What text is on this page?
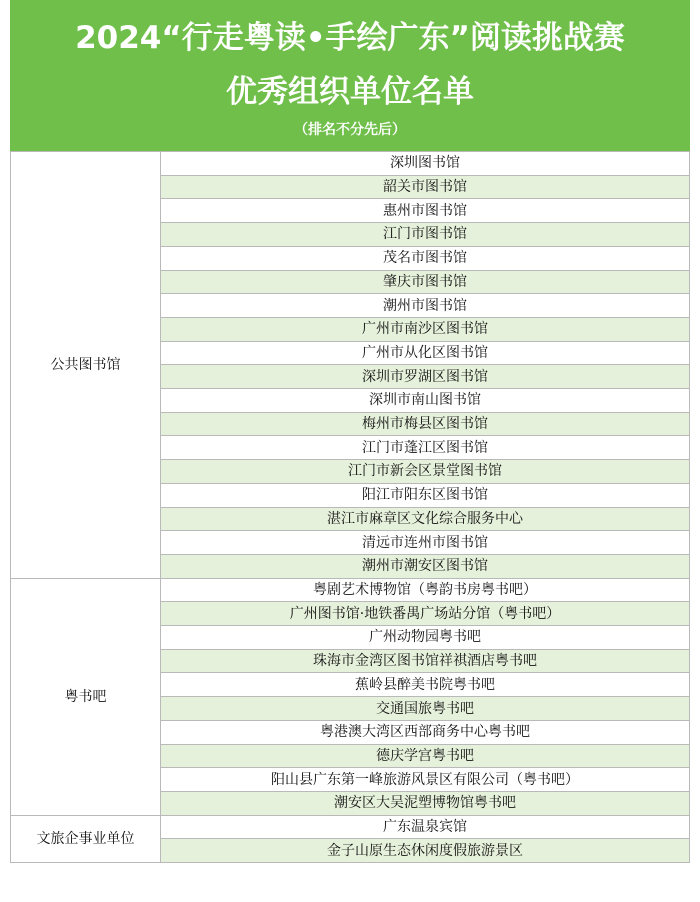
2024“行走粤读•手绘广东”阅读挑战赛
优秀组织单位名单
（排名不分先后）
公共图书馆	深圳图书馆
	韶关市图书馆
	惠州市图书馆
	江门市图书馆
	茂名市图书馆
	肇庆市图书馆
	潮州市图书馆
	广州市南沙区图书馆
	广州市从化区图书馆
	深圳市罗湖区图书馆
	深圳市南山图书馆
	梅州市梅县区图书馆
	江门市蓬江区图书馆
	江门市新会区景堂图书馆
	阳江市阳东区图书馆
	湛江市麻章区文化综合服务中心
	清远市连州市图书馆
	潮州市潮安区图书馆
粤书吧	粤剧艺术博物馆（粤韵书房粤书吧）
	广州图书馆·地铁番禺广场站分馆（粤书吧）
	广州动物园粤书吧
	珠海市金湾区图书馆祥祺酒店粤书吧
	蕉岭县醉美书院粤书吧
	交通国旅粤书吧
	粤港澳大湾区西部商务中心粤书吧
	德庆学宫粤书吧
	阳山县广东第一峰旅游风景区有限公司（粤书吧）
	潮安区大吴泥塑博物馆粤书吧
文旅企事业单位	广东温泉宾馆
	金子山原生态休闲度假旅游景区
